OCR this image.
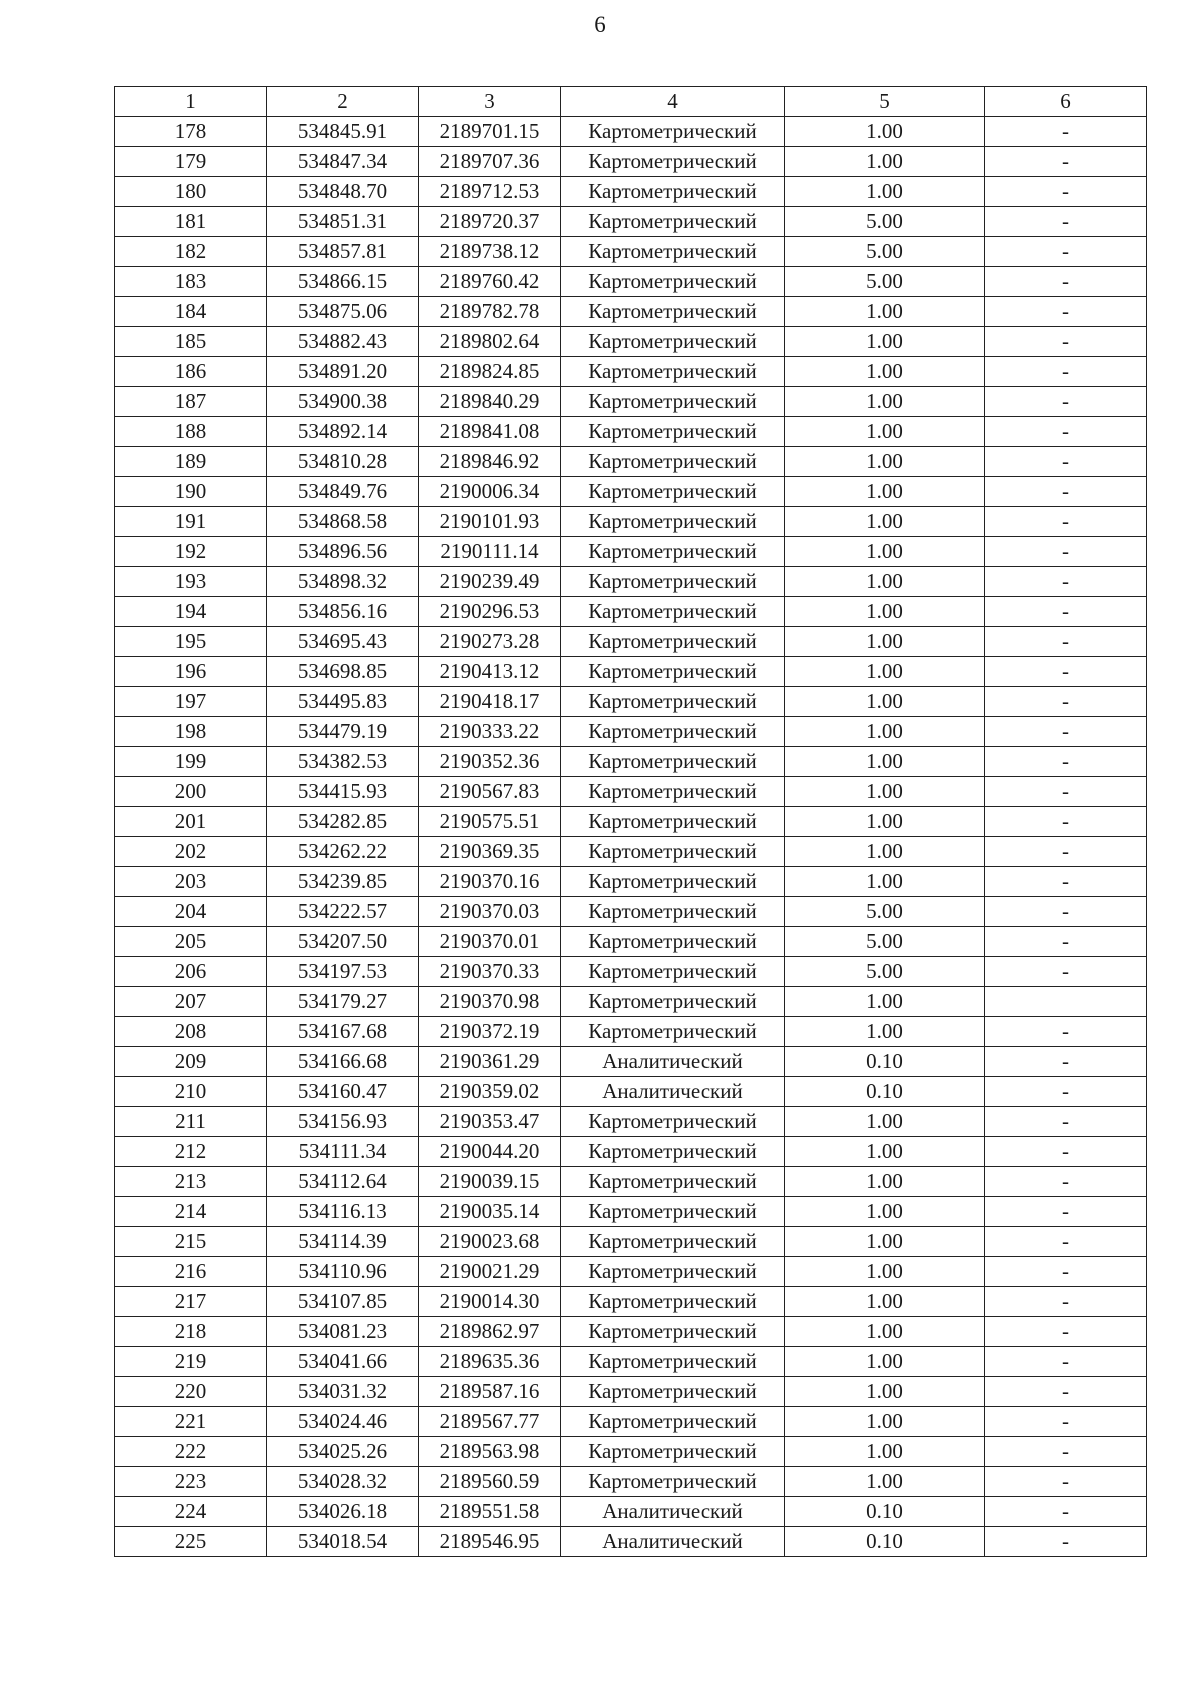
6
1	2	3	4	5	6
178	534845.91	2189701.15	Картометрический	1.00	-
179	534847.34	2189707.36	Картометрический	1.00	-
180	534848.70	2189712.53	Картометрический	1.00	-
181	534851.31	2189720.37	Картометрический	5.00	-
182	534857.81	2189738.12	Картометрический	5.00	-
183	534866.15	2189760.42	Картометрический	5.00	-
184	534875.06	2189782.78	Картометрический	1.00	-
185	534882.43	2189802.64	Картометрический	1.00	-
186	534891.20	2189824.85	Картометрический	1.00	-
187	534900.38	2189840.29	Картометрический	1.00	-
188	534892.14	2189841.08	Картометрический	1.00	-
189	534810.28	2189846.92	Картометрический	1.00	-
190	534849.76	2190006.34	Картометрический	1.00	-
191	534868.58	2190101.93	Картометрический	1.00	-
192	534896.56	2190111.14	Картометрический	1.00	-
193	534898.32	2190239.49	Картометрический	1.00	-
194	534856.16	2190296.53	Картометрический	1.00	-
195	534695.43	2190273.28	Картометрический	1.00	-
196	534698.85	2190413.12	Картометрический	1.00	-
197	534495.83	2190418.17	Картометрический	1.00	-
198	534479.19	2190333.22	Картометрический	1.00	-
199	534382.53	2190352.36	Картометрический	1.00	-
200	534415.93	2190567.83	Картометрический	1.00	-
201	534282.85	2190575.51	Картометрический	1.00	-
202	534262.22	2190369.35	Картометрический	1.00	-
203	534239.85	2190370.16	Картометрический	1.00	-
204	534222.57	2190370.03	Картометрический	5.00	-
205	534207.50	2190370.01	Картометрический	5.00	-
206	534197.53	2190370.33	Картометрический	5.00	-
207	534179.27	2190370.98	Картометрический	1.00	
208	534167.68	2190372.19	Картометрический	1.00	-
209	534166.68	2190361.29	Аналитический	0.10	-
210	534160.47	2190359.02	Аналитический	0.10	-
211	534156.93	2190353.47	Картометрический	1.00	-
212	534111.34	2190044.20	Картометрический	1.00	-
213	534112.64	2190039.15	Картометрический	1.00	-
214	534116.13	2190035.14	Картометрический	1.00	-
215	534114.39	2190023.68	Картометрический	1.00	-
216	534110.96	2190021.29	Картометрический	1.00	-
217	534107.85	2190014.30	Картометрический	1.00	-
218	534081.23	2189862.97	Картометрический	1.00	-
219	534041.66	2189635.36	Картометрический	1.00	-
220	534031.32	2189587.16	Картометрический	1.00	-
221	534024.46	2189567.77	Картометрический	1.00	-
222	534025.26	2189563.98	Картометрический	1.00	-
223	534028.32	2189560.59	Картометрический	1.00	-
224	534026.18	2189551.58	Аналитический	0.10	-
225	534018.54	2189546.95	Аналитический	0.10	-
